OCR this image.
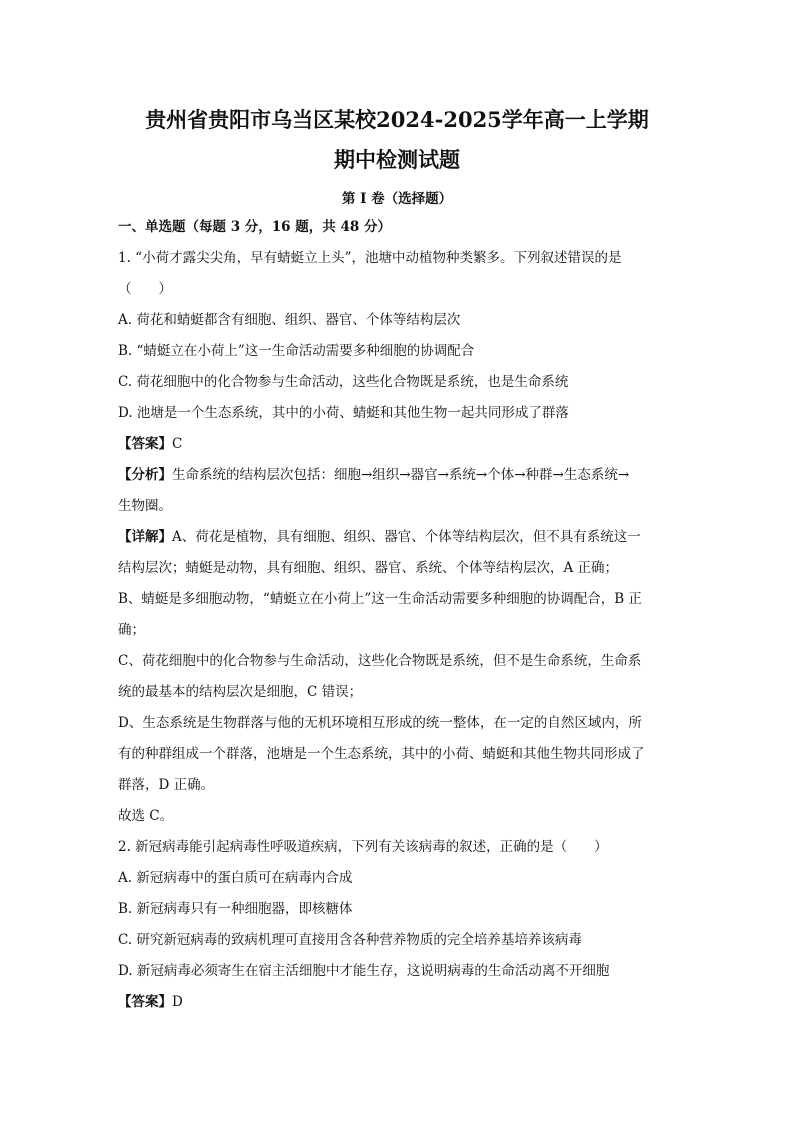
贵州省贵阳市乌当区某校2024-2025学年高一上学期

期中检测试题

第 I 卷（选择题）

一、单选题（每题 3 分，16 题，共 48 分）

1. “小荷才露尖尖角，早有蜻蜓立上头”，池塘中动植物种类繁多。下列叙述错误的是

（　　）

A. 荷花和蜻蜓都含有细胞、组织、器官、个体等结构层次

B. “蜻蜓立在小荷上”这一生命活动需要多种细胞的协调配合

C. 荷花细胞中的化合物参与生命活动，这些化合物既是系统，也是生命系统

D. 池塘是一个生态系统，其中的小荷、蜻蜓和其他生物一起共同形成了群落

【答案】C

【分析】生命系统的结构层次包括：细胞→组织→器官→系统→个体→种群→生态系统→

生物圈。

【详解】A、荷花是植物，具有细胞、组织、器官、个体等结构层次，但不具有系统这一

结构层次；蜻蜓是动物，具有细胞、组织、器官、系统、个体等结构层次，A 正确；

B、蜻蜓是多细胞动物，“蜻蜓立在小荷上”这一生命活动需要多种细胞的协调配合，B 正

确；

C、荷花细胞中的化合物参与生命活动，这些化合物既是系统，但不是生命系统，生命系

统的最基本的结构层次是细胞，C 错误；

D、生态系统是生物群落与他的无机环境相互形成的统一整体，在一定的自然区域内，所

有的种群组成一个群落，池塘是一个生态系统，其中的小荷、蜻蜓和其他生物共同形成了

群落，D 正确。

故选 C。

2. 新冠病毒能引起病毒性呼吸道疾病，下列有关该病毒的叙述，正确的是（　　）

A. 新冠病毒中的蛋白质可在病毒内合成

B. 新冠病毒只有一种细胞器，即核糖体

C. 研究新冠病毒的致病机理可直接用含各种营养物质的完全培养基培养该病毒

D. 新冠病毒必须寄生在宿主活细胞中才能生存，这说明病毒的生命活动离不开细胞

【答案】D
